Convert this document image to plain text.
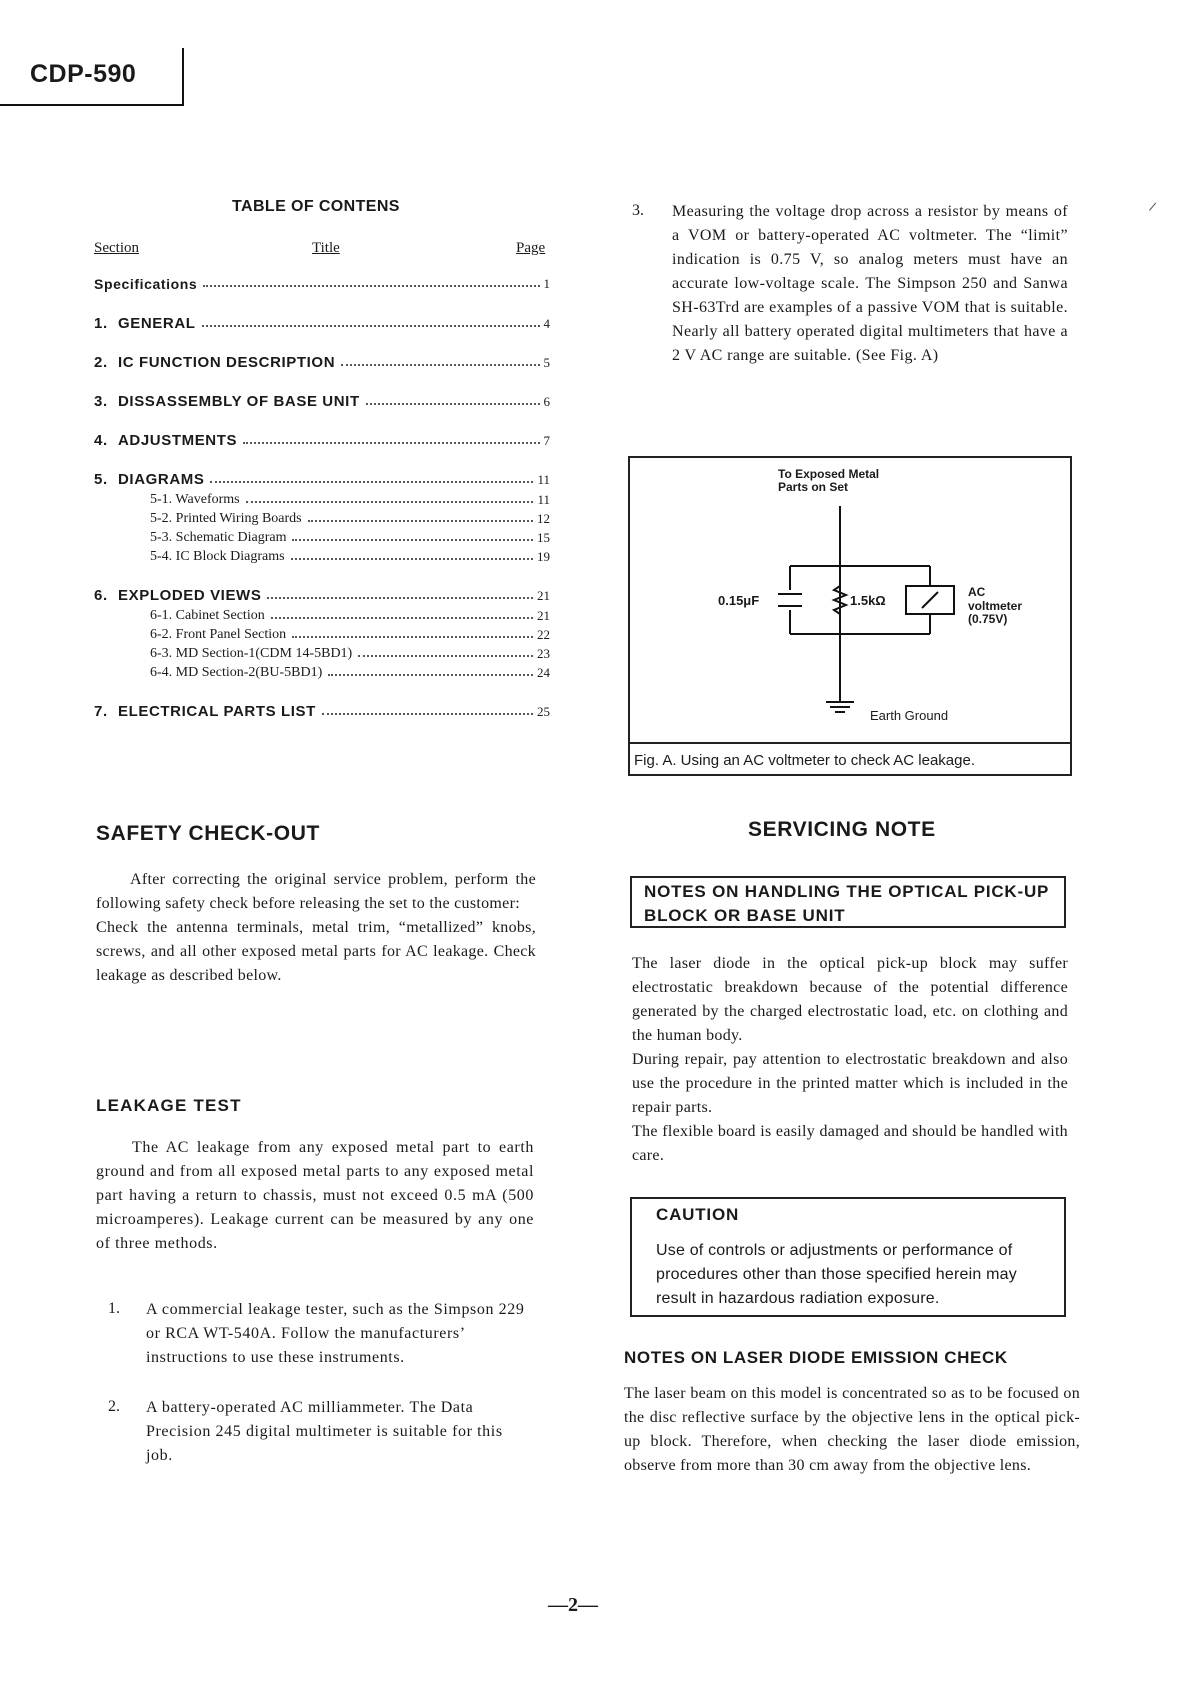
CDP-590
TABLE OF CONTENS
Section	Title	Page
Specifications	1
1. GENERAL	4
2. IC FUNCTION DESCRIPTION	5
3. DISSASSEMBLY OF BASE UNIT	6
4. ADJUSTMENTS	7
5. DIAGRAMS	11
5-1. Waveforms	11
5-2. Printed Wiring Boards	12
5-3. Schematic Diagram	15
5-4. IC Block Diagrams	19
6. EXPLODED VIEWS	21
6-1. Cabinet Section	21
6-2. Front Panel Section	22
6-3. MD Section-1(CDM 14-5BD1)	23
6-4. MD Section-2(BU-5BD1)	24
7. ELECTRICAL PARTS LIST	25
3. Measuring the voltage drop across a resistor by means of a VOM or battery-operated AC voltmeter. The “limit” indication is 0.75 V, so analog meters must have an accurate low-voltage scale. The Simpson 250 and Sanwa SH-63Trd are examples of a passive VOM that is suitable. Nearly all battery operated digital multimeters that have a 2 V AC range are suitable. (See Fig. A)
To Exposed Metal
Parts on Set
0.15μF	1.5kΩ
AC
voltmeter
(0.75V)
Earth Ground
Fig. A. Using an AC voltmeter to check AC leakage.
SAFETY CHECK-OUT
After correcting the original service problem, perform the following safety check before releasing the set to the customer:
Check the antenna terminals, metal trim, “metallized” knobs, screws, and all other exposed metal parts for AC leakage. Check leakage as described below.
LEAKAGE TEST
The AC leakage from any exposed metal part to earth ground and from all exposed metal parts to any exposed metal part having a return to chassis, must not exceed 0.5 mA (500 microamperes). Leakage current can be measured by any one of three methods.
1. A commercial leakage tester, such as the Simpson 229 or RCA WT-540A. Follow the manufacturers’ instructions to use these instruments.
2. A battery-operated AC milliammeter. The Data Precision 245 digital multimeter is suitable for this job.
SERVICING NOTE
NOTES ON HANDLING THE OPTICAL PICK-UP BLOCK OR BASE UNIT
The laser diode in the optical pick-up block may suffer electrostatic breakdown because of the potential difference generated by the charged electrostatic load, etc. on clothing and the human body.
During repair, pay attention to electrostatic breakdown and also use the procedure in the printed matter which is included in the repair parts.
The flexible board is easily damaged and should be handled with care.
CAUTION
Use of controls or adjustments or performance of procedures other than those specified herein may result in hazardous radiation exposure.
NOTES ON LASER DIODE EMISSION CHECK
The laser beam on this model is concentrated so as to be focused on the disc reflective surface by the objective lens in the optical pick-up block. Therefore, when checking the laser diode emission, observe from more than 30 cm away from the objective lens.
—2—
